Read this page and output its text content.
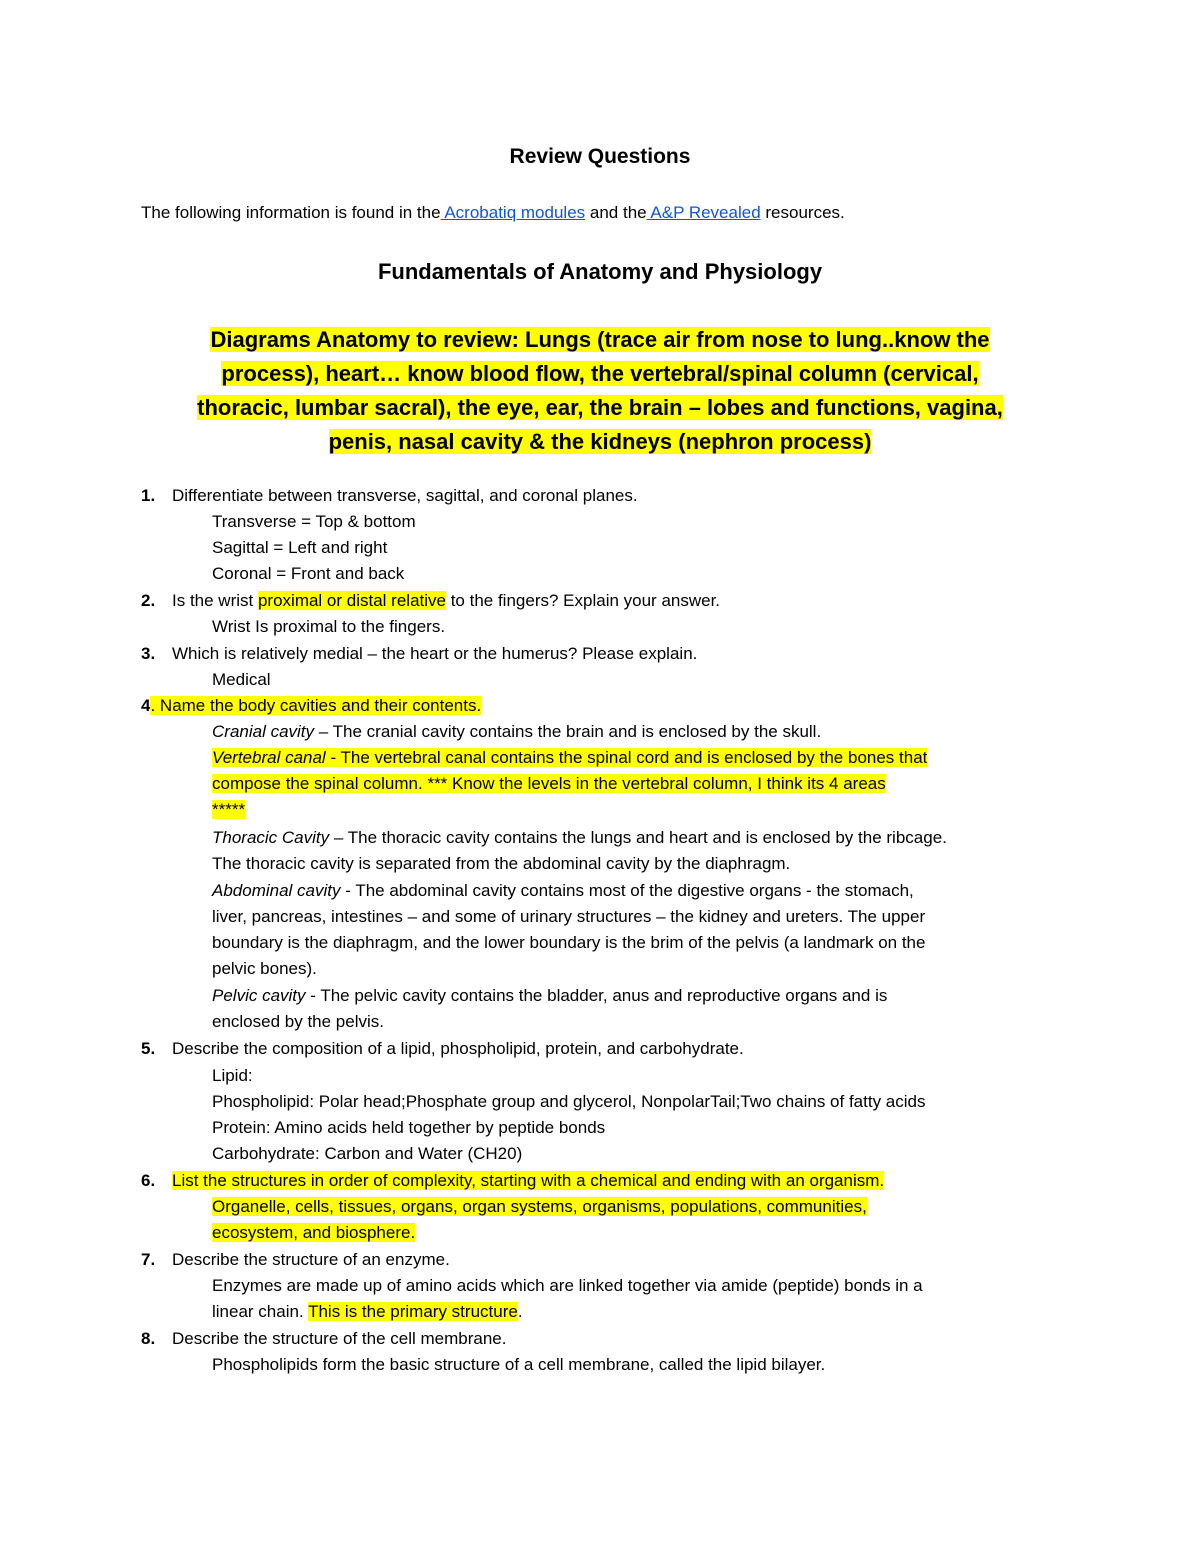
Review Questions
The following information is found in the Acrobatiq modules and the A&P Revealed resources.
Fundamentals of Anatomy and Physiology
Diagrams Anatomy to review: Lungs (trace air from nose to lung..know the
process), heart… know blood flow, the vertebral/spinal column (cervical,
thoracic, lumbar sacral), the eye, ear, the brain – lobes and functions, vagina,
penis, nasal cavity & the kidneys (nephron process)
1. Differentiate between transverse, sagittal, and coronal planes.
Transverse = Top & bottom
Sagittal = Left and right
Coronal = Front and back
2. Is the wrist proximal or distal relative to the fingers? Explain your answer.
Wrist Is proximal to the fingers.
3. Which is relatively medial – the heart or the humerus? Please explain.
Medical
4. Name the body cavities and their contents.
Cranial cavity – The cranial cavity contains the brain and is enclosed by the skull.
Vertebral canal - The vertebral canal contains the spinal cord and is enclosed by the bones that
compose the spinal column. *** Know the levels in the vertebral column, I think its 4 areas
*****
Thoracic Cavity – The thoracic cavity contains the lungs and heart and is enclosed by the ribcage.
The thoracic cavity is separated from the abdominal cavity by the diaphragm.
Abdominal cavity - The abdominal cavity contains most of the digestive organs - the stomach,
liver, pancreas, intestines – and some of urinary structures – the kidney and ureters. The upper
boundary is the diaphragm, and the lower boundary is the brim of the pelvis (a landmark on the
pelvic bones).
Pelvic cavity - The pelvic cavity contains the bladder, anus and reproductive organs and is
enclosed by the pelvis.
5. Describe the composition of a lipid, phospholipid, protein, and carbohydrate.
Lipid:
Phospholipid: Polar head;Phosphate group and glycerol, NonpolarTail;Two chains of fatty acids
Protein: Amino acids held together by peptide bonds
Carbohydrate: Carbon and Water (CH20)
6. List the structures in order of complexity, starting with a chemical and ending with an organism.
Organelle, cells, tissues, organs, organ systems, organisms, populations, communities,
ecosystem, and biosphere.
7. Describe the structure of an enzyme.
Enzymes are made up of amino acids which are linked together via amide (peptide) bonds in a
linear chain. This is the primary structure.
8. Describe the structure of the cell membrane.
Phospholipids form the basic structure of a cell membrane, called the lipid bilayer.
